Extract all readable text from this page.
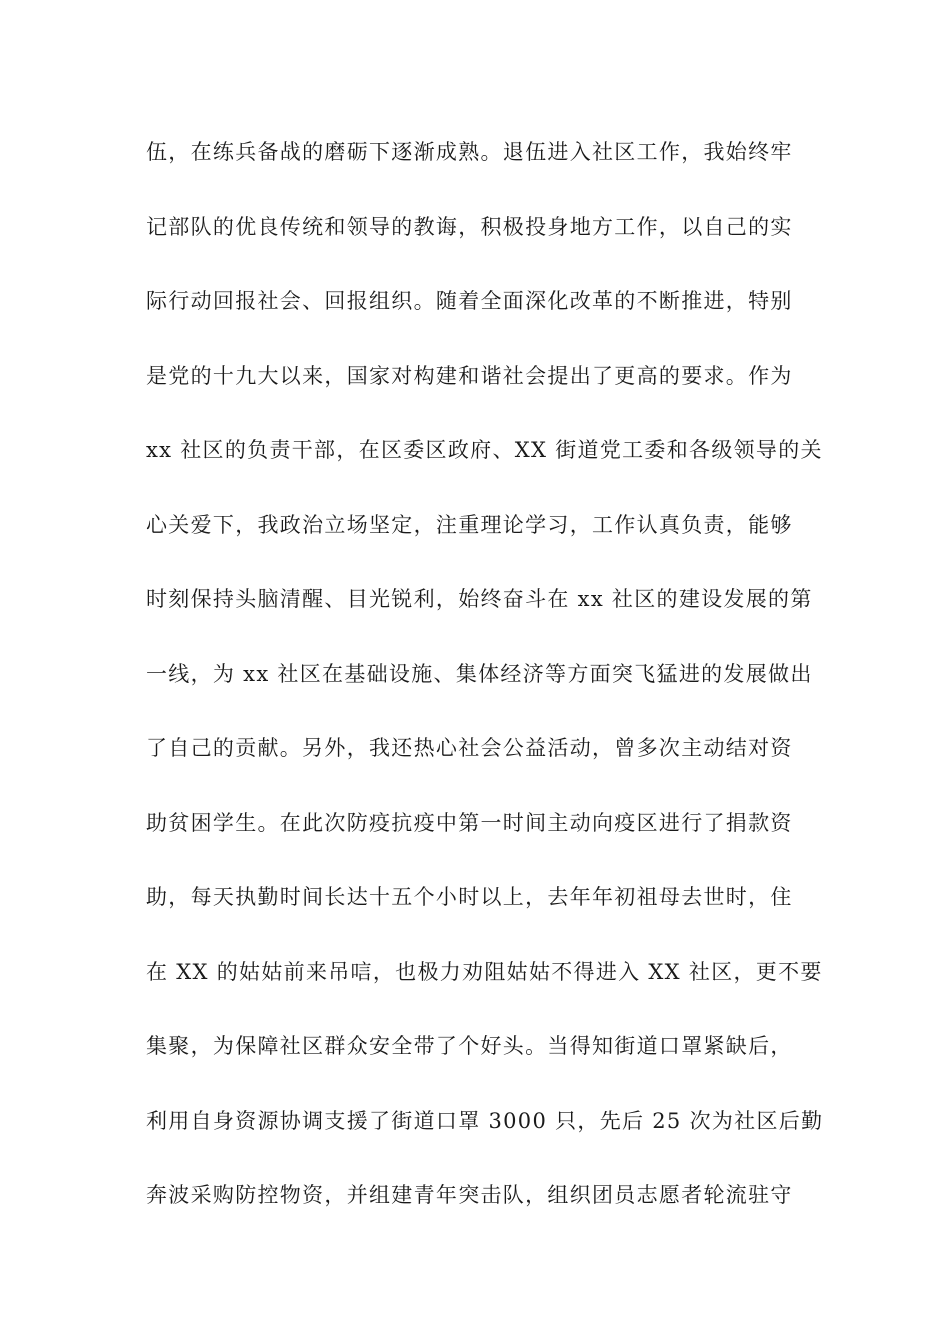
伍，在练兵备战的磨砺下逐渐成熟。退伍进入社区工作，我始终牢
记部队的优良传统和领导的教诲，积极投身地方工作，以自己的实
际行动回报社会、回报组织。随着全面深化改革的不断推进，特别
是党的十九大以来，国家对构建和谐社会提出了更高的要求。作为
xx 社区的负责干部，在区委区政府、XX 街道党工委和各级领导的关
心关爱下，我政治立场坚定，注重理论学习，工作认真负责，能够
时刻保持头脑清醒、目光锐利，始终奋斗在 xx 社区的建设发展的第
一线，为 xx 社区在基础设施、集体经济等方面突飞猛进的发展做出
了自己的贡献。另外，我还热心社会公益活动，曾多次主动结对资
助贫困学生。在此次防疫抗疫中第一时间主动向疫区进行了捐款资
助，每天执勤时间长达十五个小时以上，去年年初祖母去世时，住
在 XX 的姑姑前来吊唁，也极力劝阻姑姑不得进入 XX 社区，更不要
集聚，为保障社区群众安全带了个好头。当得知街道口罩紧缺后，
利用自身资源协调支援了街道口罩 3000 只，先后 25 次为社区后勤
奔波采购防控物资，并组建青年突击队，组织团员志愿者轮流驻守
